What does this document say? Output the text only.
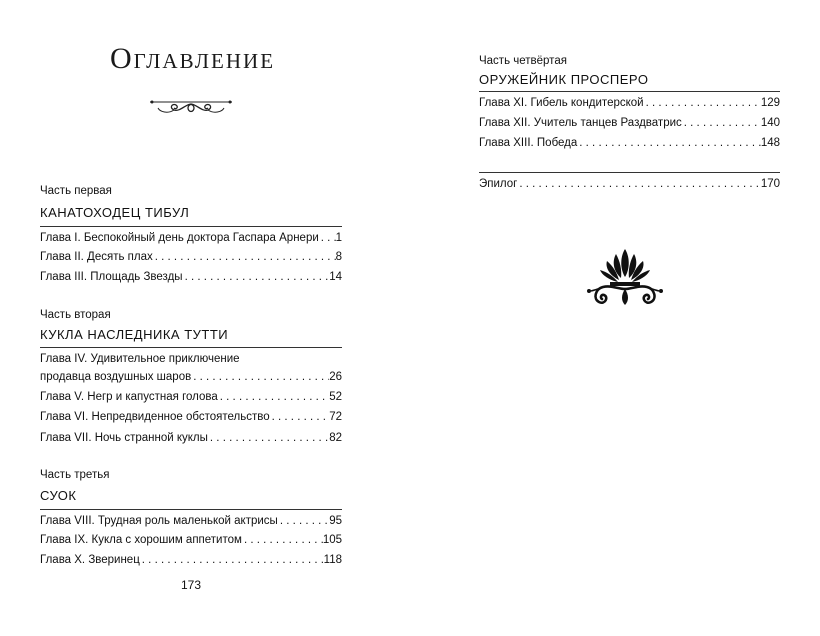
Оглавление
Часть первая
КАНАТОХОДЕЦ ТИБУЛ
Глава I. Беспокойный день доктора Гаспара Арнери . . . 1
Глава II. Десять плах . . .	8
Глава III. Площадь Звезды . . .	14
Часть вторая
КУКЛА НАСЛЕДНИКА ТУТТИ
Глава IV. Удивительное приключение
продавца воздушных шаров . . .	26
Глава V. Негр и капустная голова . . .	52
Глава VI. Непредвиденное обстоятельство . . .	72
Глава VII. Ночь странной куклы . . .	82
Часть третья
СУОК
Глава VIII. Трудная роль маленькой актрисы . . .	95
Глава IX. Кукла с хорошим аппетитом . . .	105
Глава X. Зверинец . . .	118
173
Часть четвёртая
ОРУЖЕЙНИК ПРОСПЕРО
Глава XI. Гибель кондитерской . . .	129
Глава XII. Учитель танцев Раздватрис . . .	140
Глава XIII. Победа . . .	148
Эпилог . . .	170
